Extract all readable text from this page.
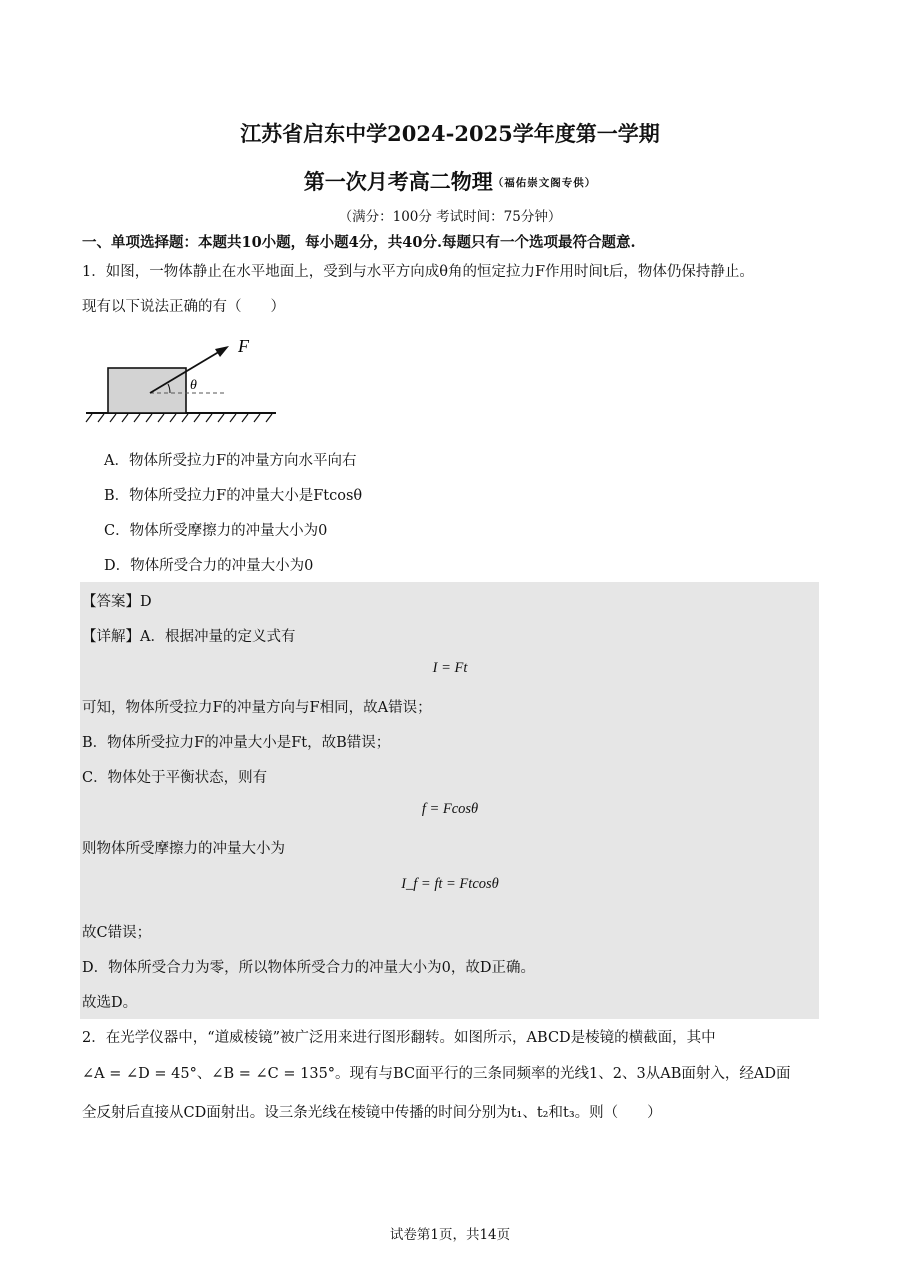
江苏省启东中学2024-2025学年度第一学期
第一次月考高二物理（福佑崇文阁专供）
（满分：100分 考试时间：75分钟）
一、单项选择题：本题共10小题，每小题4分，共40分.每题只有一个选项最符合题意.
1．如图，一物体静止在水平地面上，受到与水平方向成θ角的恒定拉力F作用时间t后，物体仍保持静止。
现有以下说法正确的有（　　）
F
θ
A．物体所受拉力F的冲量方向水平向右
B．物体所受拉力F的冲量大小是Ftcosθ
C．物体所受摩擦力的冲量大小为0
D．物体所受合力的冲量大小为0
【答案】D
【详解】A．根据冲量的定义式有
I = Ft
可知，物体所受拉力F的冲量方向与F相同，故A错误；
B．物体所受拉力F的冲量大小是Ft，故B错误；
C．物体处于平衡状态，则有
f = Fcosθ
则物体所受摩擦力的冲量大小为
I_f = ft = Ftcosθ
故C错误；
D．物体所受合力为零，所以物体所受合力的冲量大小为0，故D正确。
故选D。
2．在光学仪器中，“道威棱镜”被广泛用来进行图形翻转。如图所示，ABCD是棱镜的横截面，其中
∠A = ∠D = 45°、∠B = ∠C = 135°。现有与BC面平行的三条同频率的光线1、2、3从AB面射入，经AD面
全反射后直接从CD面射出。设三条光线在棱镜中传播的时间分别为t₁、t₂和t₃。则（　　）
试卷第1页，共14页
